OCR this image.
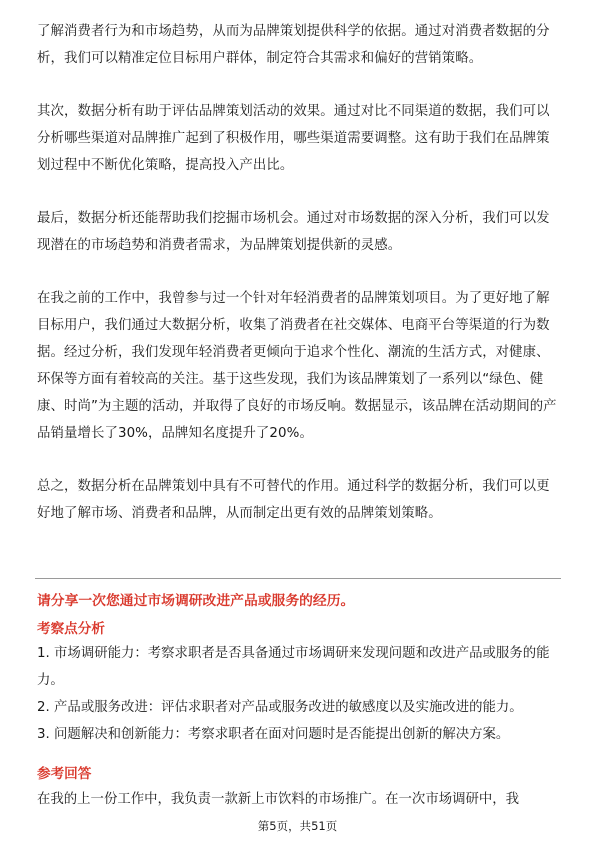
了解消费者行为和市场趋势，从而为品牌策划提供科学的依据。通过对消费者数据的分析，我们可以精准定位目标用户群体，制定符合其需求和偏好的营销策略。

其次，数据分析有助于评估品牌策划活动的效果。通过对比不同渠道的数据，我们可以分析哪些渠道对品牌推广起到了积极作用，哪些渠道需要调整。这有助于我们在品牌策划过程中不断优化策略，提高投入产出比。

最后，数据分析还能帮助我们挖掘市场机会。通过对市场数据的深入分析，我们可以发现潜在的市场趋势和消费者需求，为品牌策划提供新的灵感。

在我之前的工作中，我曾参与过一个针对年轻消费者的品牌策划项目。为了更好地了解目标用户，我们通过大数据分析，收集了消费者在社交媒体、电商平台等渠道的行为数据。经过分析，我们发现年轻消费者更倾向于追求个性化、潮流的生活方式，对健康、环保等方面有着较高的关注。基于这些发现，我们为该品牌策划了一系列以“绿色、健康、时尚”为主题的活动，并取得了良好的市场反响。数据显示，该品牌在活动期间的产品销量增长了30%，品牌知名度提升了20%。

总之，数据分析在品牌策划中具有不可替代的作用。通过科学的数据分析，我们可以更好地了解市场、消费者和品牌，从而制定出更有效的品牌策划策略。

请分享一次您通过市场调研改进产品或服务的经历。
考察点分析
1. 市场调研能力：考察求职者是否具备通过市场调研来发现问题和改进产品或服务的能力。
2. 产品或服务改进：评估求职者对产品或服务改进的敏感度以及实施改进的能力。
3. 问题解决和创新能力：考察求职者在面对问题时是否能提出创新的解决方案。
参考回答
在我的上一份工作中，我负责一款新上市饮料的市场推广。在一次市场调研中，我
第5页，共51页
